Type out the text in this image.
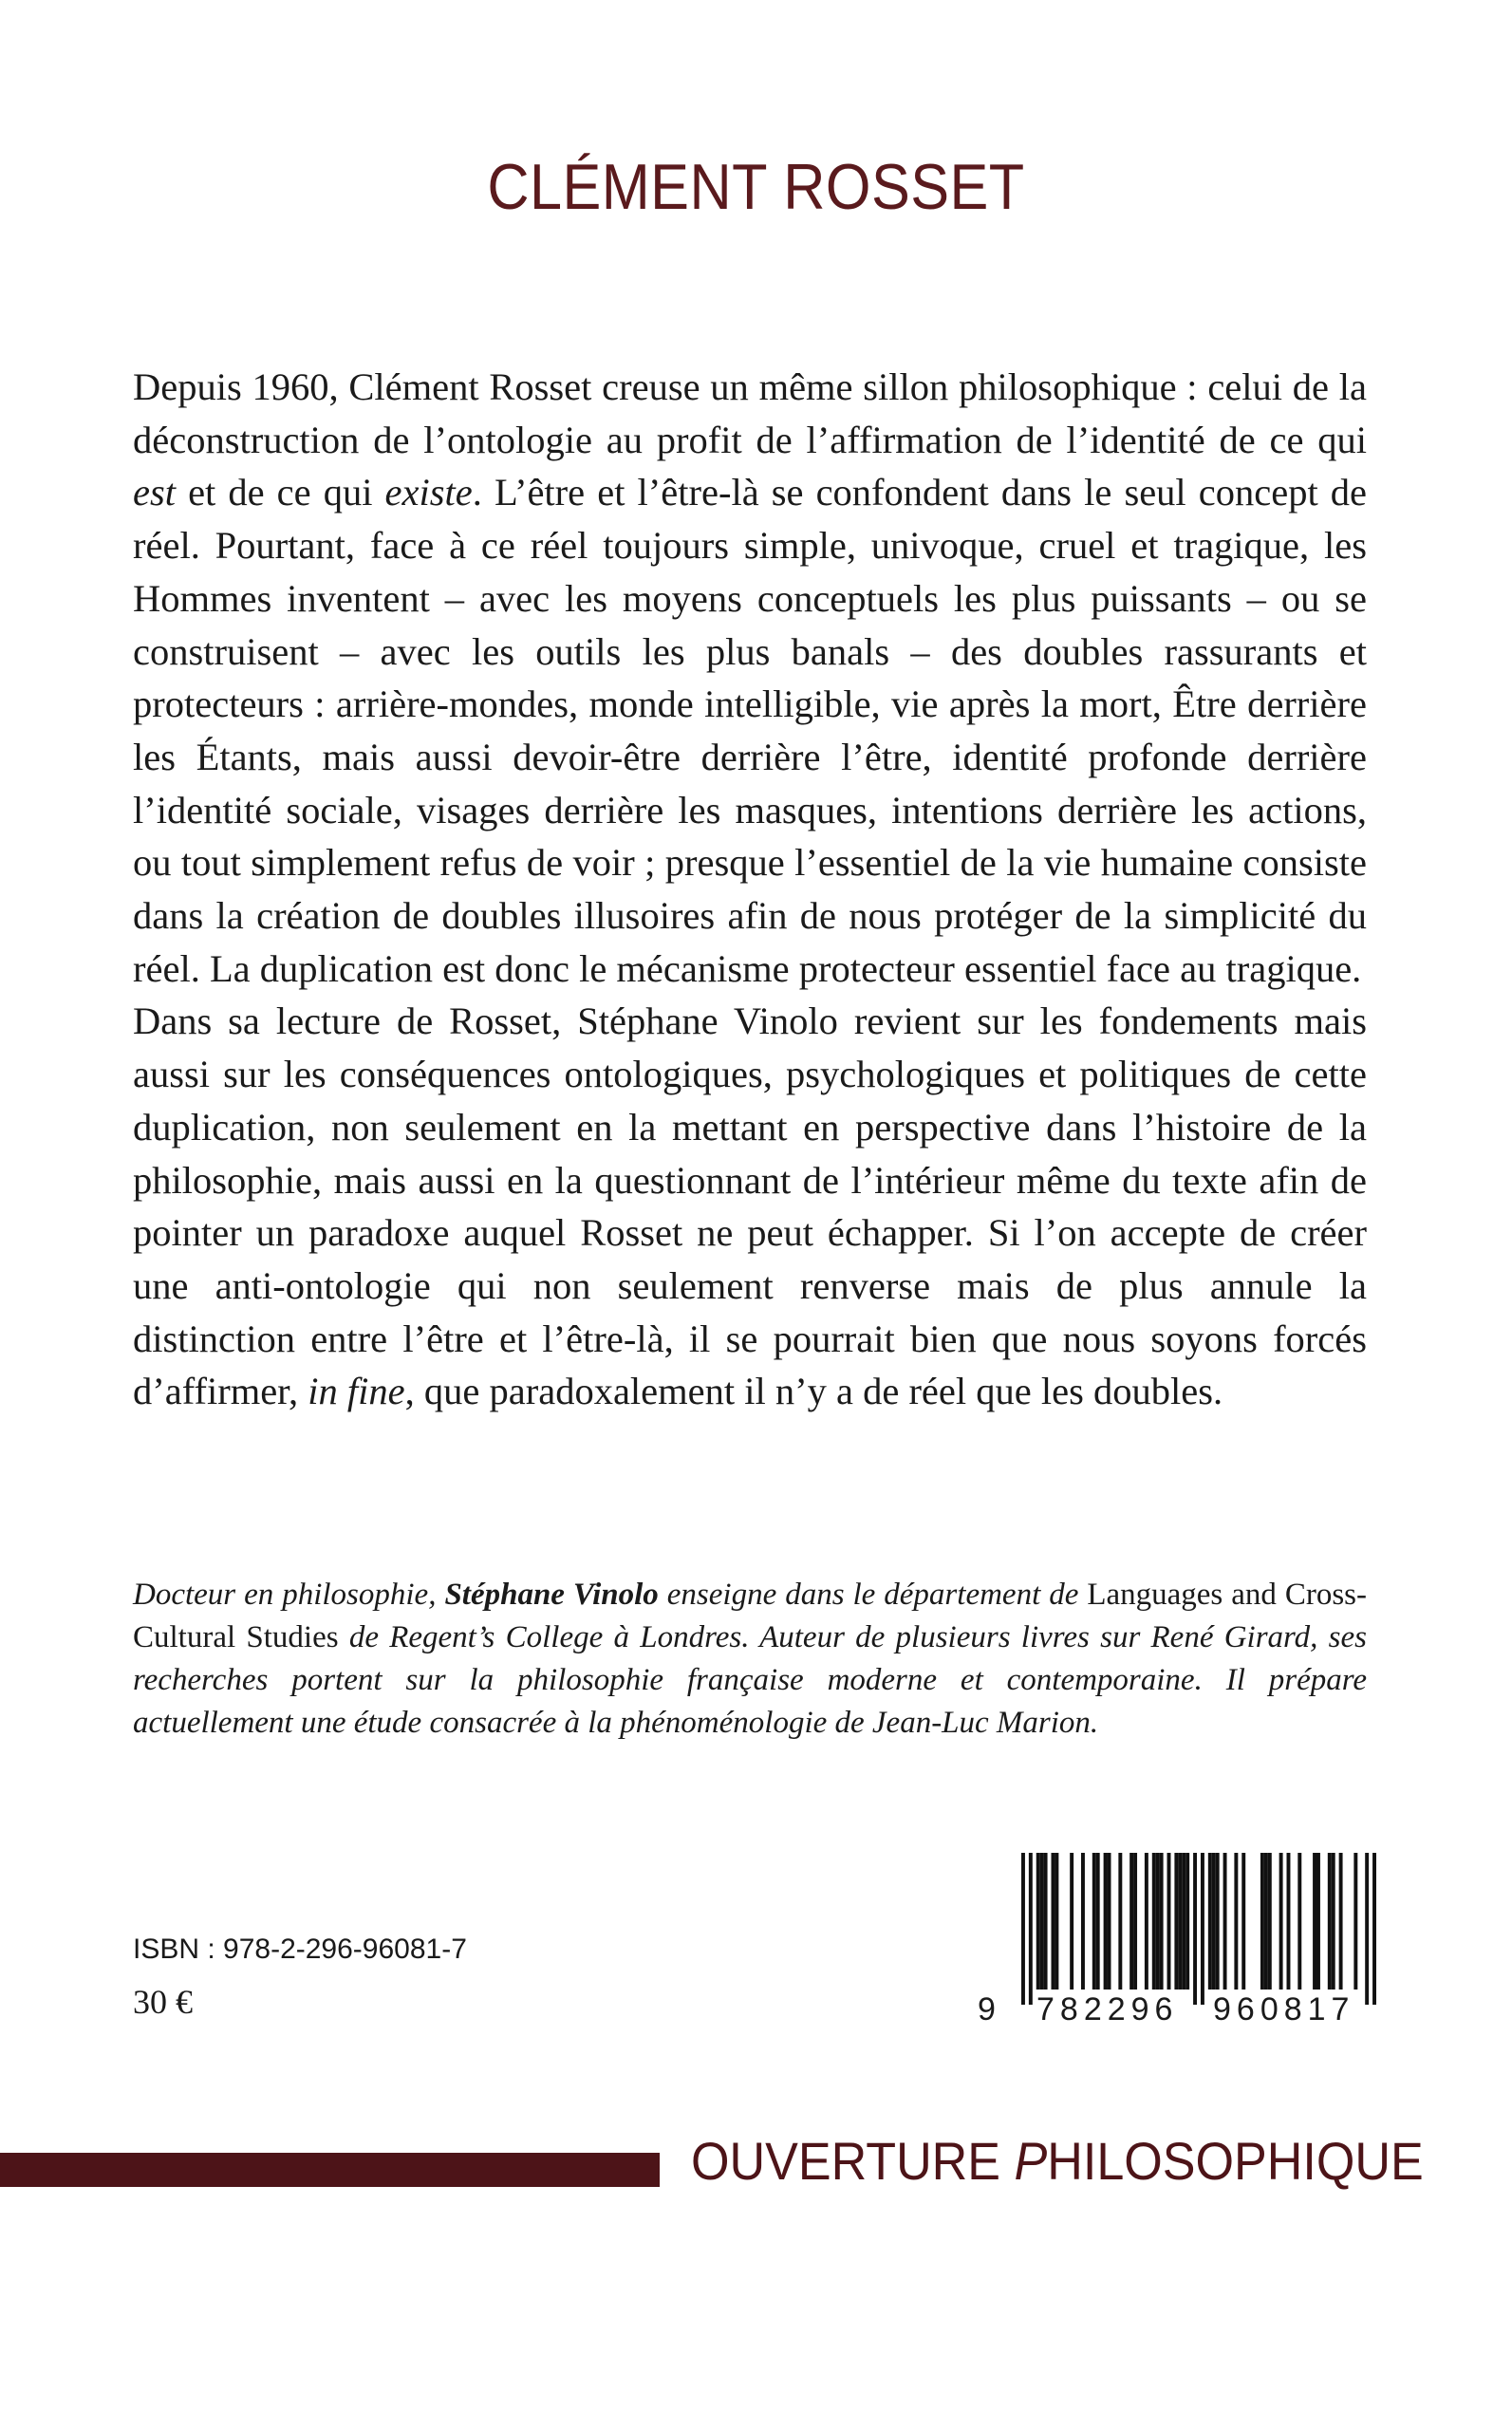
CLÉMENT ROSSET

Depuis 1960, Clément Rosset creuse un même sillon philosophique : celui de la déconstruction de l’ontologie au profit de l’affirmation de l’identité de ce qui est et de ce qui existe. L’être et l’être-là se confondent dans le seul concept de réel. Pourtant, face à ce réel toujours simple, univoque, cruel et tragique, les Hommes inventent – avec les moyens conceptuels les plus puissants – ou se construisent – avec les outils les plus banals – des doubles rassurants et protecteurs : arrière-mondes, monde intelligible, vie après la mort, Être derrière les Étants, mais aussi devoir-être derrière l’être, identité profonde derrière l’identité sociale, visages derrière les masques, intentions derrière les actions, ou tout simplement refus de voir ; presque l’essentiel de la vie humaine consiste dans la création de doubles illusoires afin de nous protéger de la simplicité du réel. La duplication est donc le mécanisme protecteur essentiel face au tragique.

Dans sa lecture de Rosset, Stéphane Vinolo revient sur les fondements mais aussi sur les conséquences ontologiques, psychologiques et politiques de cette duplication, non seulement en la mettant en perspective dans l’histoire de la philosophie, mais aussi en la questionnant de l’intérieur même du texte afin de pointer un paradoxe auquel Rosset ne peut échapper. Si l’on accepte de créer une anti-ontologie qui non seulement renverse mais de plus annule la distinction entre l’être et l’être-là, il se pourrait bien que nous soyons forcés d’affirmer, in fine, que paradoxalement il n’y a de réel que les doubles.

Docteur en philosophie, Stéphane Vinolo enseigne dans le département de Languages and Cross-Cultural Studies de Regent’s College à Londres. Auteur de plusieurs livres sur René Girard, ses recherches portent sur la philosophie française moderne et contemporaine. Il prépare actuellement une étude consacrée à la phénoménologie de Jean-Luc Marion.
ISBN : 978-2-296-96081-7
30 €	9 782296 960817
OUVERTURE PHILOSOPHIQUE
